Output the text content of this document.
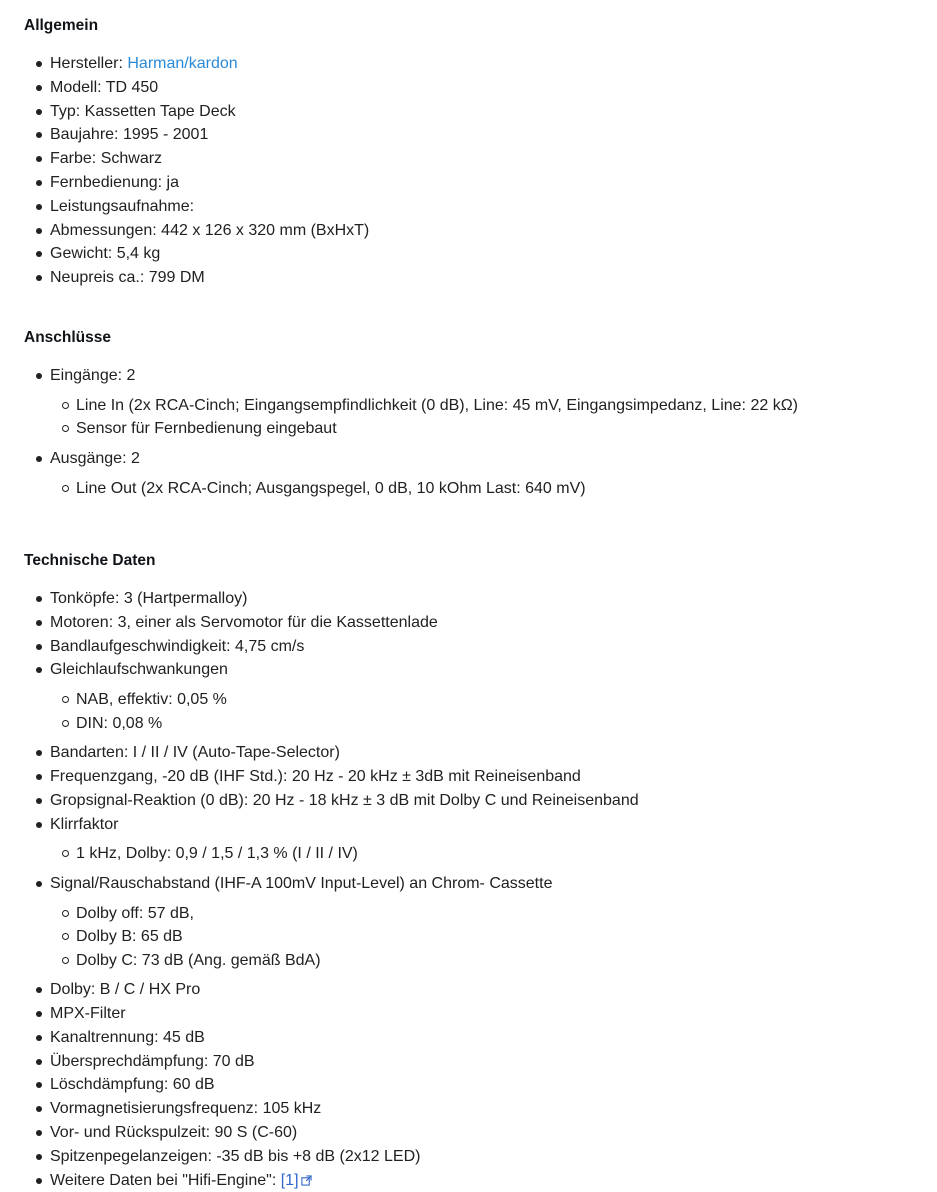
Allgemein
Hersteller: Harman/kardon
Modell: TD 450
Typ: Kassetten Tape Deck
Baujahre: 1995 - 2001
Farbe: Schwarz
Fernbedienung: ja
Leistungsaufnahme:
Abmessungen: 442 x 126 x 320 mm (BxHxT)
Gewicht: 5,4 kg
Neupreis ca.: 799 DM
Anschlüsse
Eingänge: 2
Line In (2x RCA-Cinch; Eingangsempfindlichkeit (0 dB), Line: 45 mV, Eingangsimpedanz, Line: 22 kΩ)
Sensor für Fernbedienung eingebaut
Ausgänge: 2
Line Out (2x RCA-Cinch; Ausgangspegel, 0 dB, 10 kOhm Last: 640 mV)
Technische Daten
Tonköpfe: 3 (Hartpermalloy)
Motoren: 3, einer als Servomotor für die Kassettenlade
Bandlaufgeschwindigkeit: 4,75 cm/s
Gleichlaufschwankungen
NAB, effektiv: 0,05 %
DIN: 0,08 %
Bandarten: I / II / IV (Auto-Tape-Selector)
Frequenzgang, -20 dB (IHF Std.): 20 Hz - 20 kHz ± 3dB mit Reineisenband
Gropsignal-Reaktion (0 dB): 20 Hz - 18 kHz ± 3 dB mit Dolby C und Reineisenband
Klirrfaktor
1 kHz, Dolby: 0,9 / 1,5 / 1,3 % (I / II / IV)
Signal/Rauschabstand (IHF-A 100mV Input-Level) an Chrom- Cassette
Dolby off: 57 dB,
Dolby B: 65 dB
Dolby C: 73 dB (Ang. gemäß BdA)
Dolby: B / C / HX Pro
MPX-Filter
Kanaltrennung: 45 dB
Übersprechdämpfung: 70 dB
Löschdämpfung: 60 dB
Vormagnetisierungsfrequenz: 105 kHz
Vor- und Rückspulzeit: 90 S (C-60)
Spitzenpegelanzeigen: -35 dB bis +8 dB (2x12 LED)
Weitere Daten bei "Hifi-Engine": [1]
